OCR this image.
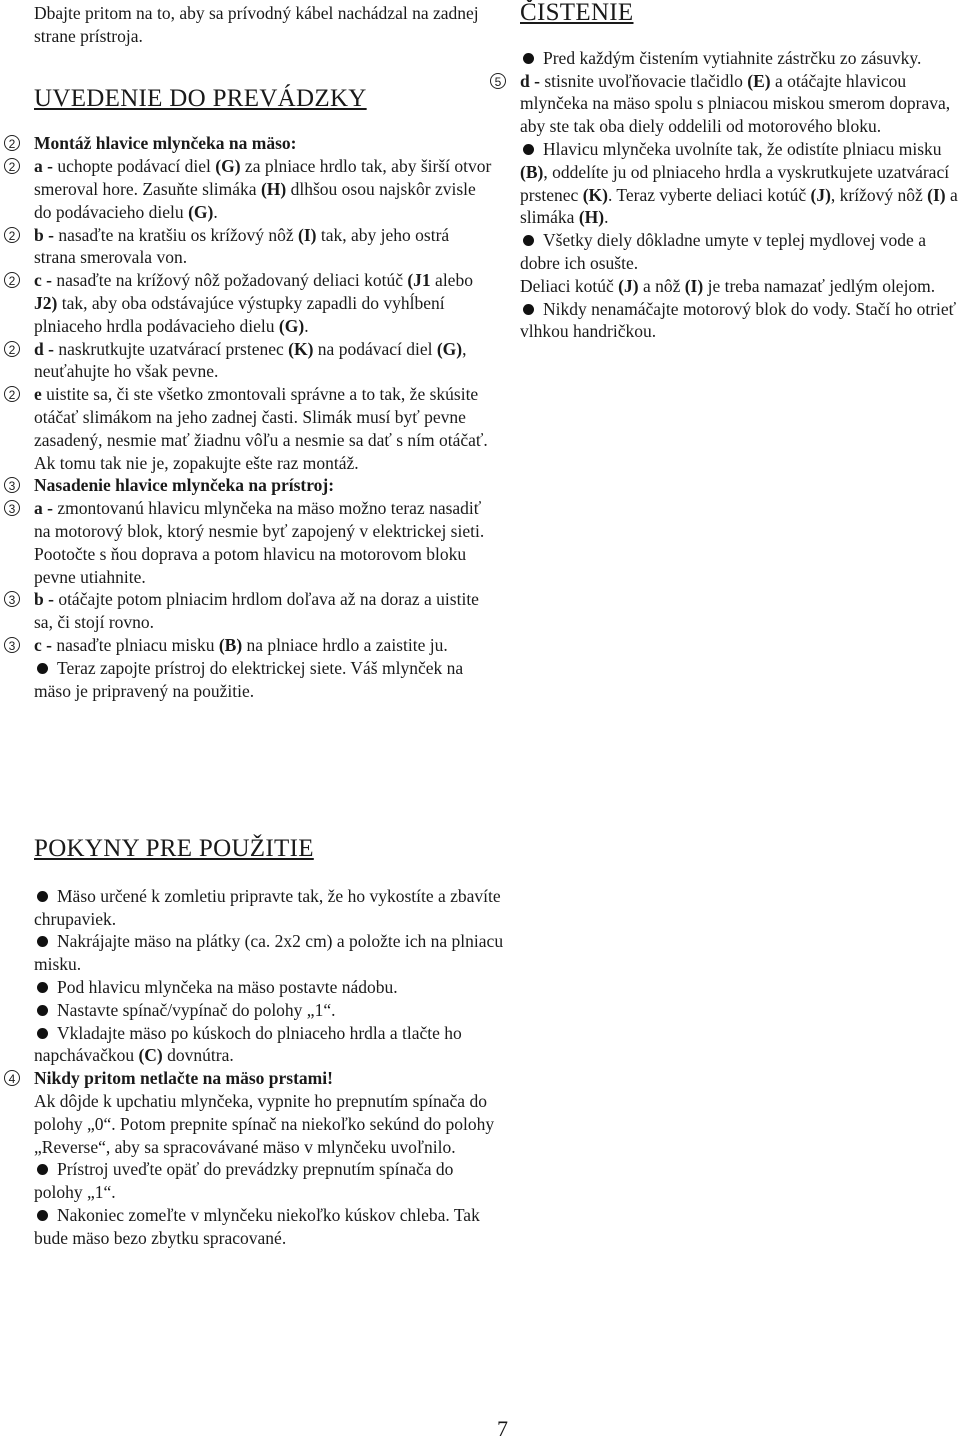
Dbajte pritom na to, aby sa prívodný kábel nachádzal na zadnej strane prístroja.

UVEDENIE DO PREVÁDZKY

2 Montáž hlavice mlynčeka na mäso:
2 a - uchopte podávací diel (G) za plniace hrdlo tak, aby širší otvor smeroval hore. Zasuňte slimáka (H) dlhšou osou najskôr zvisle do podávacieho dielu (G).
2 b - nasaďte na kratšiu os krížový nôž (I) tak, aby jeho ostrá strana smerovala von.
2 c - nasaďte na krížový nôž požadovaný deliaci kotúč (J1 alebo J2) tak, aby oba odstávajúce výstupky zapadli do vyhĺbení plniaceho hrdla podávacieho dielu (G).
2 d - naskrutkujte uzatvárací prstenec (K) na podávací diel (G), neuťahujte ho však pevne.
2 e uistite sa, či ste všetko zmontovali správne a to tak, že skúsite otáčať slimákom na jeho zadnej časti. Slimák musí byť pevne zasadený, nesmie mať žiadnu vôľu a nesmie sa dať s ním otáčať. Ak tomu tak nie je, zopakujte ešte raz montáž.
3 Nasadenie hlavice mlynčeka na prístroj:
3 a - zmontovanú hlavicu mlynčeka na mäso možno teraz nasadiť na motorový blok, ktorý nesmie byť zapojený v elektrickej sieti. Pootočte s ňou doprava a potom hlavicu na motorovom bloku pevne utiahnite.
3 b - otáčajte potom plniacim hrdlom doľava až na doraz a uistite sa, či stojí rovno.
3 c - nasaďte plniacu misku (B) na plniace hrdlo a zaistite ju.
Teraz zapojte prístroj do elektrickej siete. Váš mlynček na mäso je pripravený na použitie.

POKYNY PRE POUŽITIE

Mäso určené k zomletiu pripravte tak, že ho vykostíte a zbavíte chrupaviek.
Nakrájajte mäso na plátky (ca. 2x2 cm) a položte ich na plniacu misku.
Pod hlavicu mlynčeka na mäso postavte nádobu.
Nastavte spínač/vypínač do polohy „1“.
Vkladajte mäso po kúskoch do plniaceho hrdla a tlačte ho napchávačkou (C) dovnútra.
4 Nikdy pritom netlačte na mäso prstami!

Ak dôjde k upchatiu mlynčeka, vypnite ho prepnutím spínača do polohy „0“. Potom prepnite spínač na niekoľko sekúnd do polohy „Reverse“, aby sa spracovávané mäso v mlynčeku uvoľnilo.

Prístroj uveďte opäť do prevádzky prepnutím spínača do polohy „1“.
Nakoniec zomeľte v mlynčeku niekoľko kúskov chleba. Tak bude mäso bezo zbytku spracované.

ČISTENIE

Pred každým čistením vytiahnite zástrčku zo zásuvky.
5 d - stisnite uvoľňovacie tlačidlo (E) a otáčajte hlavicou mlynčeka na mäso spolu s plniacou miskou smerom doprava, aby ste tak oba diely oddelili od motorového bloku.
Hlavicu mlynčeka uvolníte tak, že odistíte plniacu misku (B), oddelíte ju od plniaceho hrdla a vyskrutkujete uzatvárací prstenec (K). Teraz vyberte deliaci kotúč (J), krížový nôž (I) a slimáka (H).
Všetky diely dôkladne umyte v teplej mydlovej vode a dobre ich osušte.
Deliaci kotúč (J) a nôž (I) je treba namazať jedlým olejom.
Nikdy nenamáčajte motorový blok do vody. Stačí ho otrieť vlhkou handričkou.
7
